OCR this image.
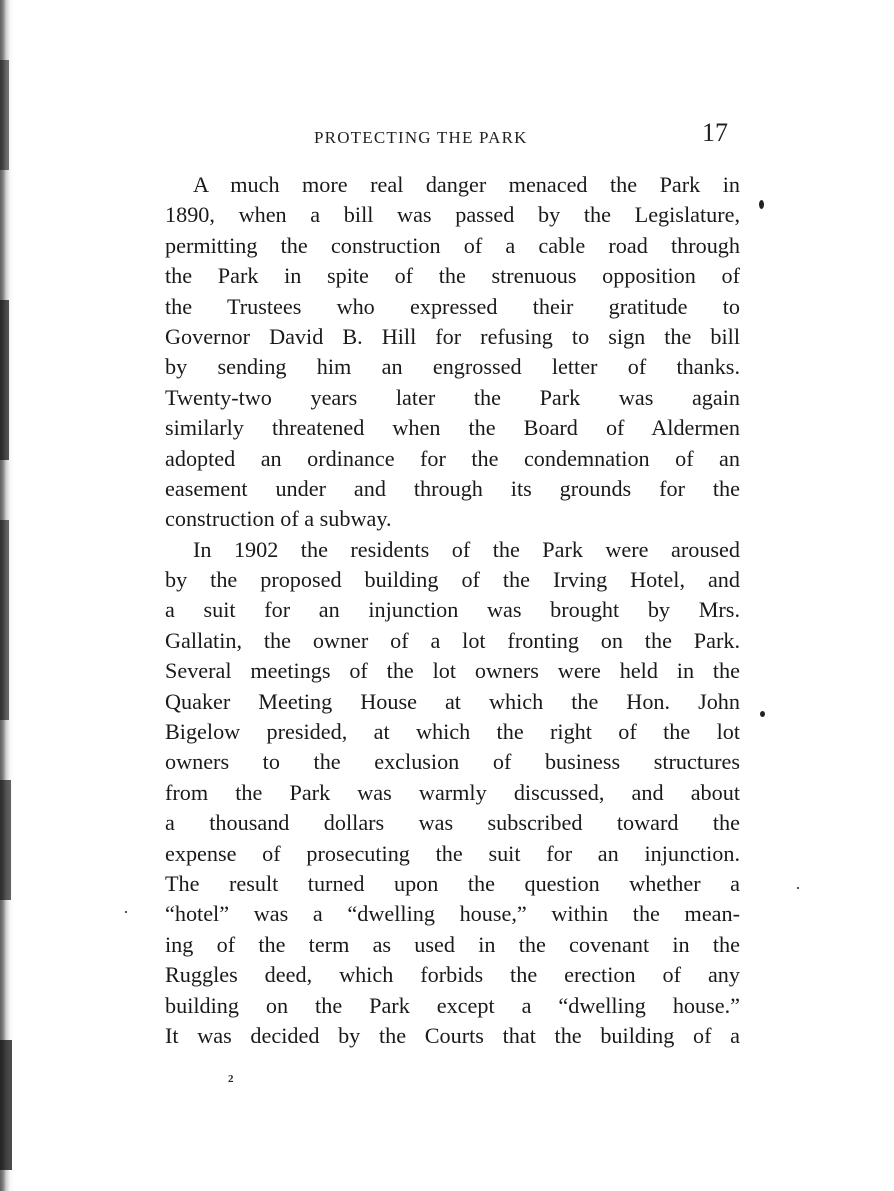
PROTECTING THE PARK	17
A much more real danger menaced the Park in
1890, when a bill was passed by the Legislature,
permitting the construction of a cable road through
the Park in spite of the strenuous opposition of
the Trustees who expressed their gratitude to
Governor David B. Hill for refusing to sign the bill
by sending him an engrossed letter of thanks.
Twenty-two years later the Park was again
similarly threatened when the Board of Aldermen
adopted an ordinance for the condemnation of an
easement under and through its grounds for the
construction of a subway.
In 1902 the residents of the Park were aroused
by the proposed building of the Irving Hotel, and
a suit for an injunction was brought by Mrs.
Gallatin, the owner of a lot fronting on the Park.
Several meetings of the lot owners were held in the
Quaker Meeting House at which the Hon. John
Bigelow presided, at which the right of the lot
owners to the exclusion of business structures
from the Park was warmly discussed, and about
a thousand dollars was subscribed toward the
expense of prosecuting the suit for an injunction.
The result turned upon the question whether a
“hotel” was a “dwelling house,” within the mean-
ing of the term as used in the covenant in the
Ruggles deed, which forbids the erection of any
building on the Park except a “dwelling house.”
It was decided by the Courts that the building of a
2
